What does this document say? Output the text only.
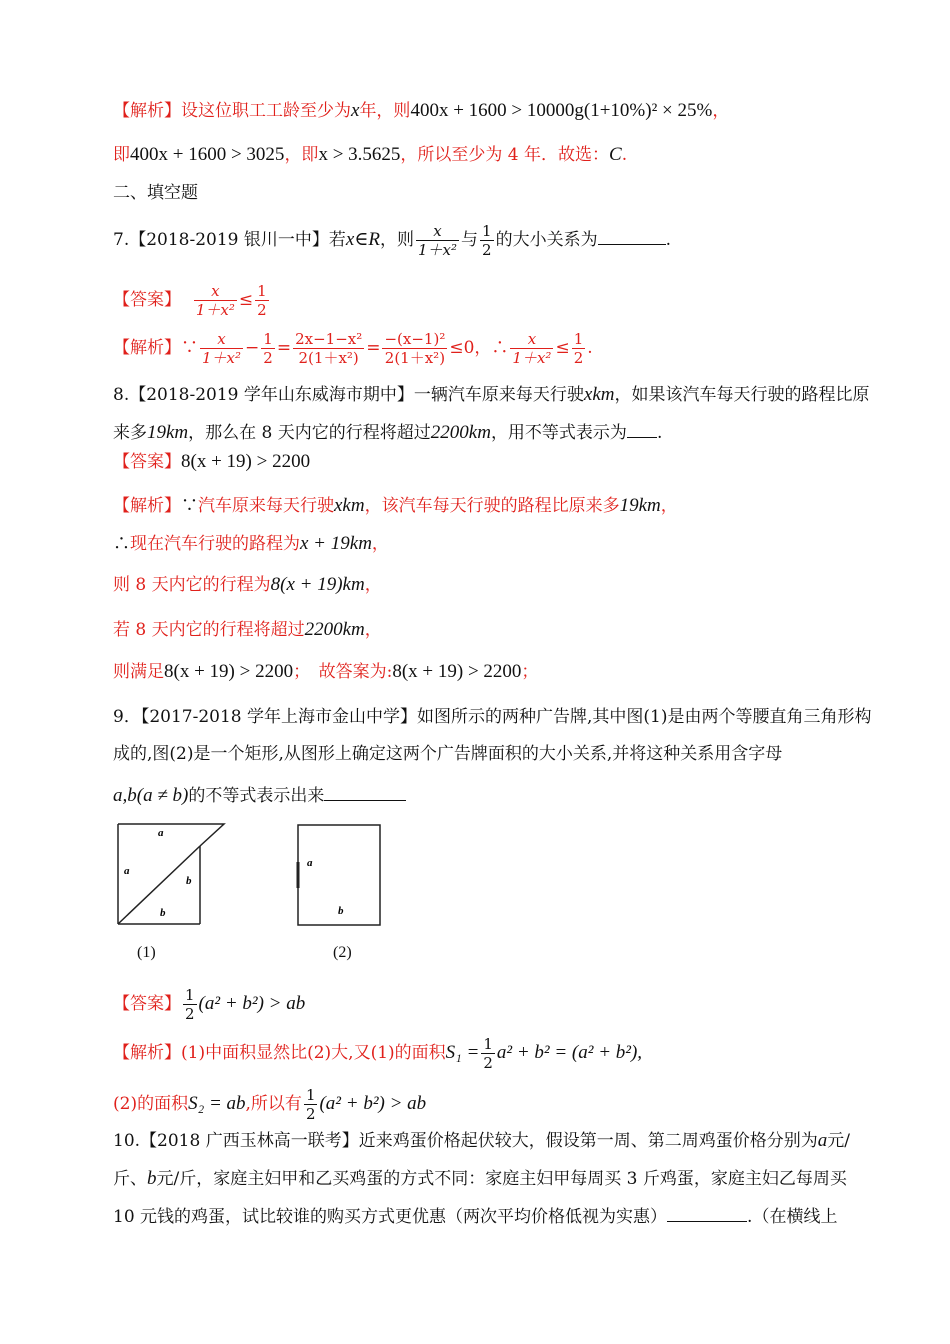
【解析】设这位职工工龄至少为x年，则400x + 1600 > 10000g(1+10%)² × 25%，
即400x + 1600 > 3025，即x > 3.5625，所以至少为 4 年．故选：C.
二、填空题
7.【2018-2019 银川一中】若x∈R，则 $\frac{x}{\text{1＋x²}}$ 与 $\frac{1}{2}$ 的大小关系为	.
【答案】 $\frac{x}{\text{1＋x²}} \le \frac{1}{2}$
【解析】∵ $\frac{x}{\text{1＋x²}} - \frac{1}{2} = \frac{\text{2x−1−x²}}{\text{2(1＋x²)}} = \frac{\text{−(x−1)²}}{\text{2(1＋x²)}} \le 0$，∴ $\frac{x}{\text{1＋x²}} \le \frac{1}{2}$ .
8.【2018-2019 学年山东威海市期中】一辆汽车原来每天行驶xkm，如果该汽车每天行驶的路程比原
来多19km，那么在 8 天内它的行程将超过2200km，用不等式表示为 .
【答案】8(x + 19) > 2200
【解析】∵汽车原来每天行驶xkm，该汽车每天行驶的路程比原来多19km，
∴现在汽车行驶的路程为x + 19km，
则 8 天内它的行程为8(x + 19)km，
若 8 天内它的行程将超过2200km，
则满足8(x + 19) > 2200；　故答案为:8(x + 19) > 2200；
9．【2017-2018 学年上海市金山中学】如图所示的两种广告牌,其中图(1)是由两个等腰直角三角形构
成的,图(2)是一个矩形,从图形上确定这两个广告牌面积的大小关系,并将这种关系用含字母
a,b(a ≠ b)的不等式表示出来
a
a
b
b
a
b
(1)	(2)
【答案】 $\frac{1}{2} (a^2 + b^2)$ > ab
【解析】(1)中面积显然比(2)大,又(1)的面积$S_1 = \frac{1}{2} a^2 + b^2 = (a^2 + b^2)$,
(2)的面积S₂ = ab,所以有 $\frac{1}{2} (a^2 + b^2)$ > ab
10.【2018 广西玉林高一联考】近来鸡蛋价格起伏较大，假设第一周、第二周鸡蛋价格分别为a元/
斤、b元/斤，家庭主妇甲和乙买鸡蛋的方式不同：家庭主妇甲每周买 3 斤鸡蛋，家庭主妇乙每周买
10 元钱的鸡蛋，试比较谁的购买方式更优惠（两次平均价格低视为实惠）	.（在横线上
